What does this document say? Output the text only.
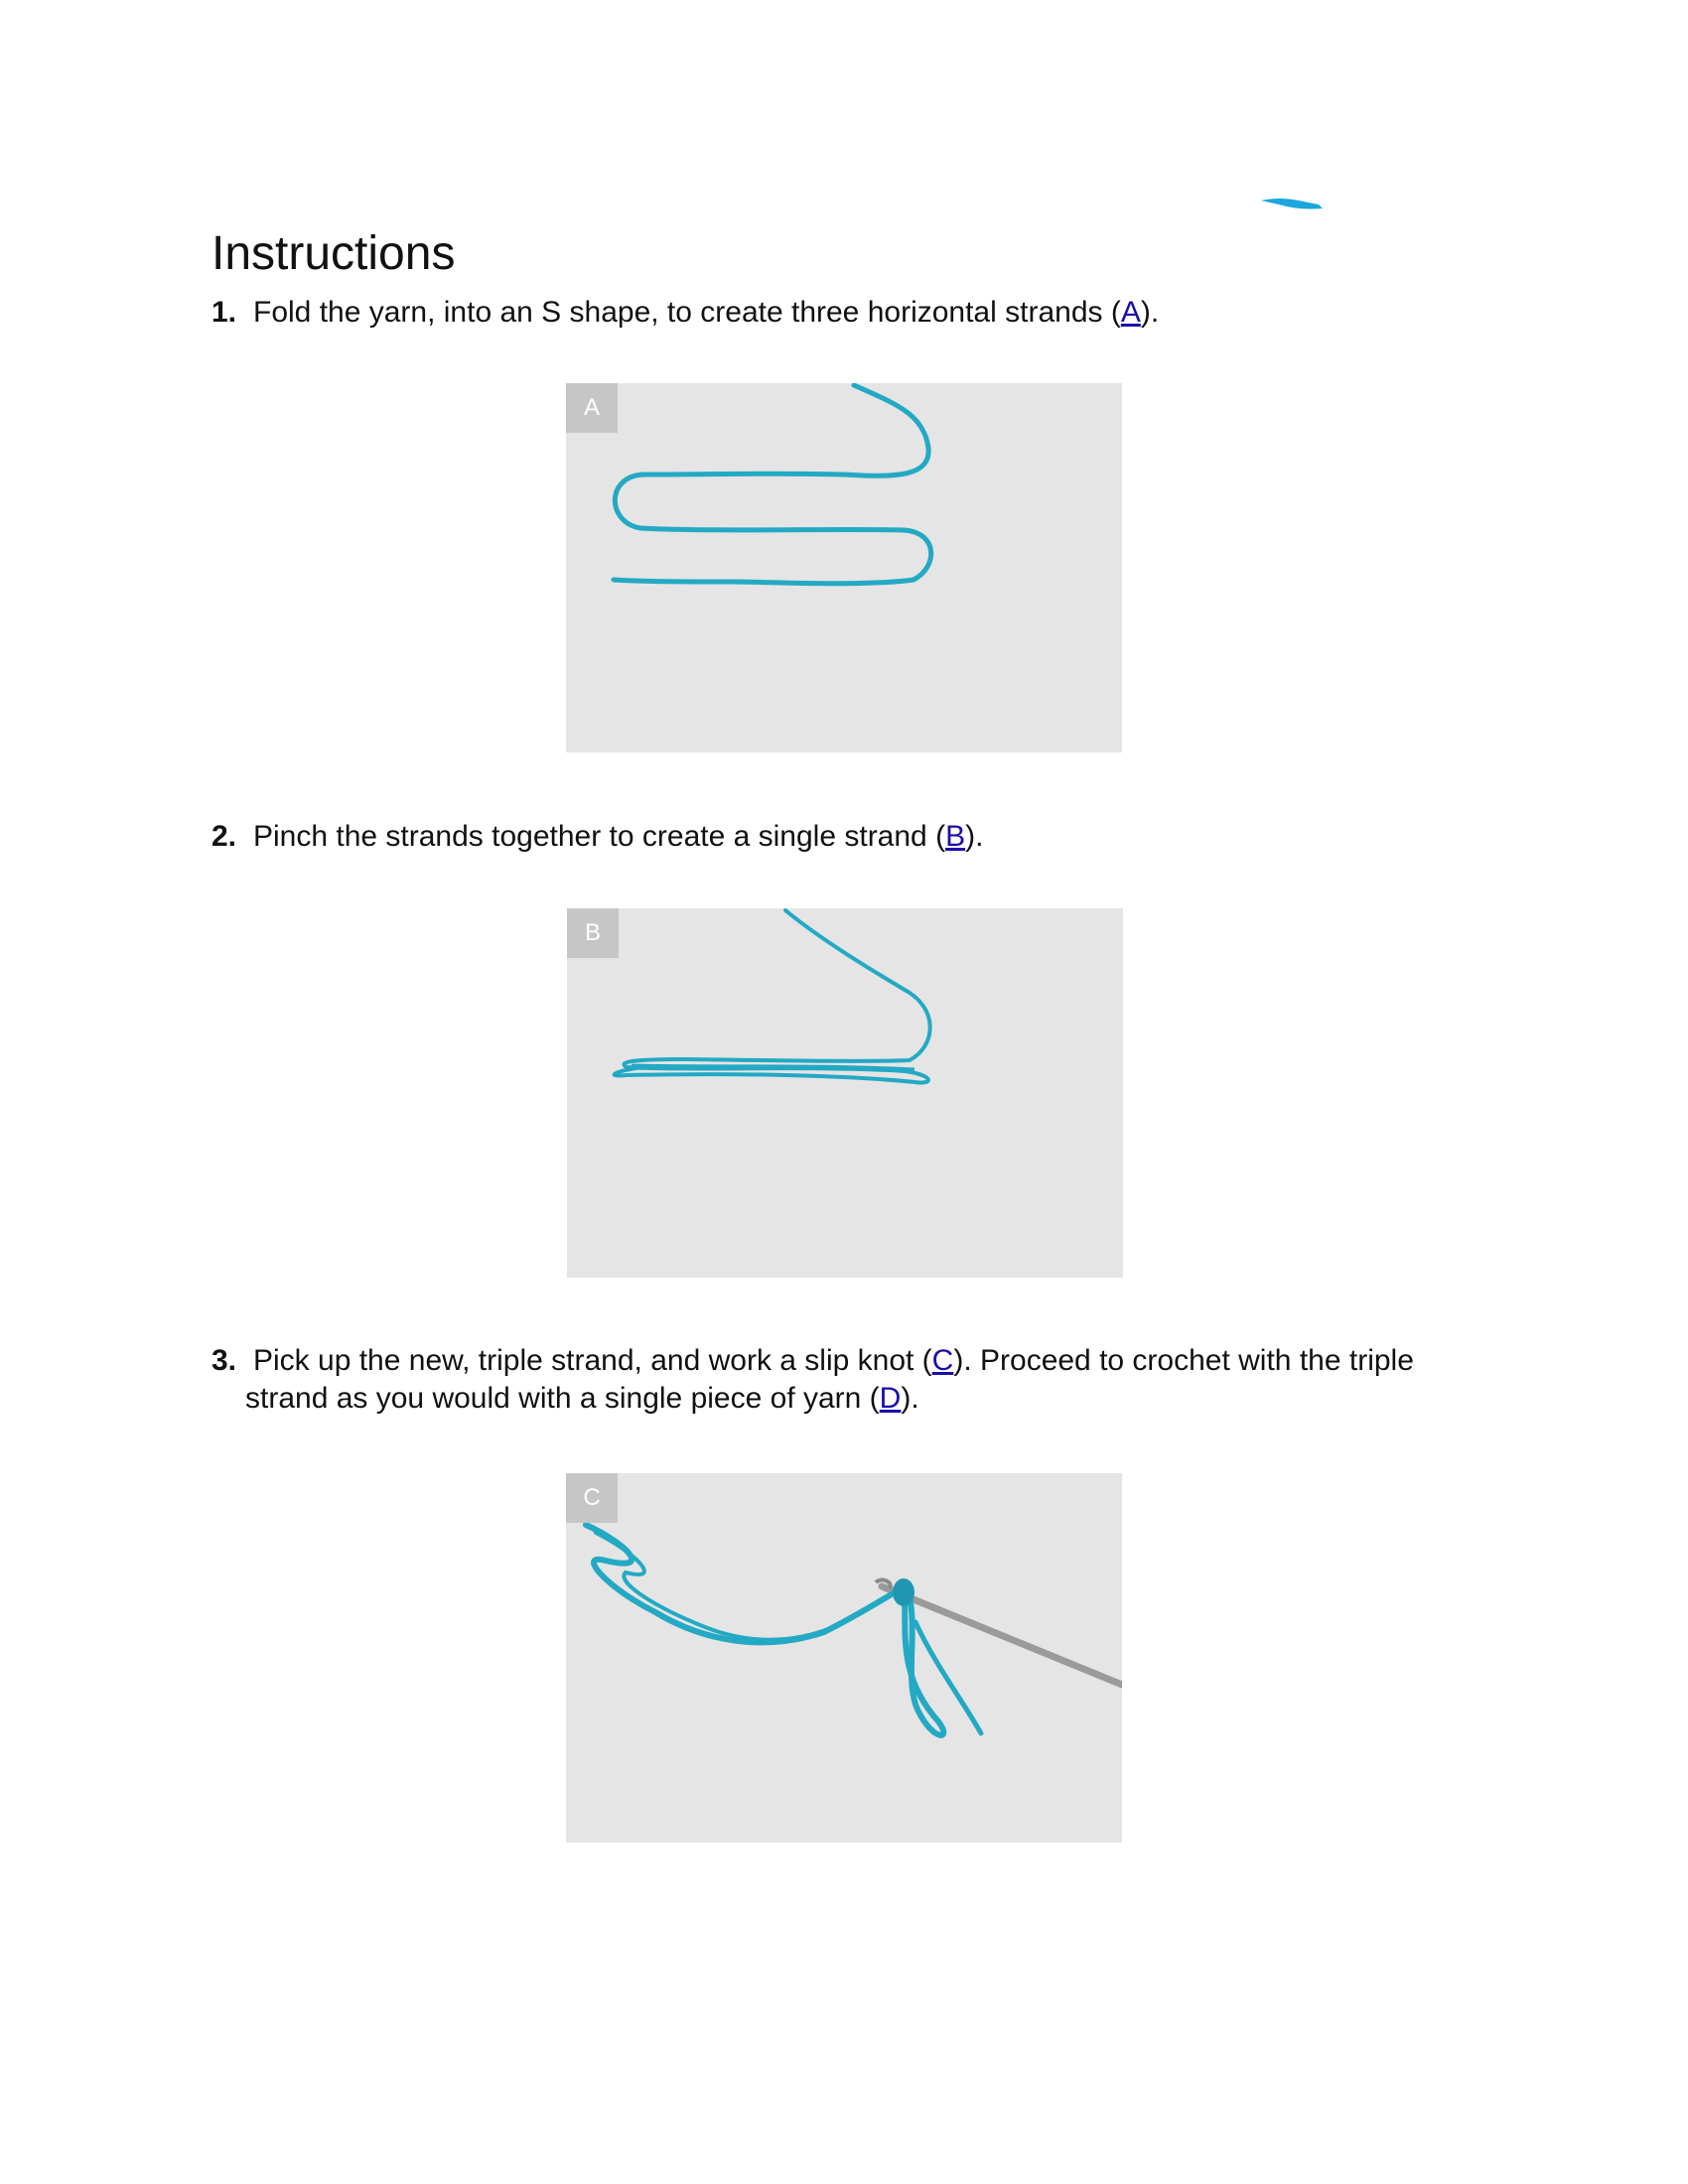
Instructions
1. Fold the yarn, into an S shape, to create three horizontal strands (A).
A
2. Pinch the strands together to create a single strand (B).
B
3. Pick up the new, triple strand, and work a slip knot (C). Proceed to crochet with the triple
strand as you would with a single piece of yarn (D).
C
